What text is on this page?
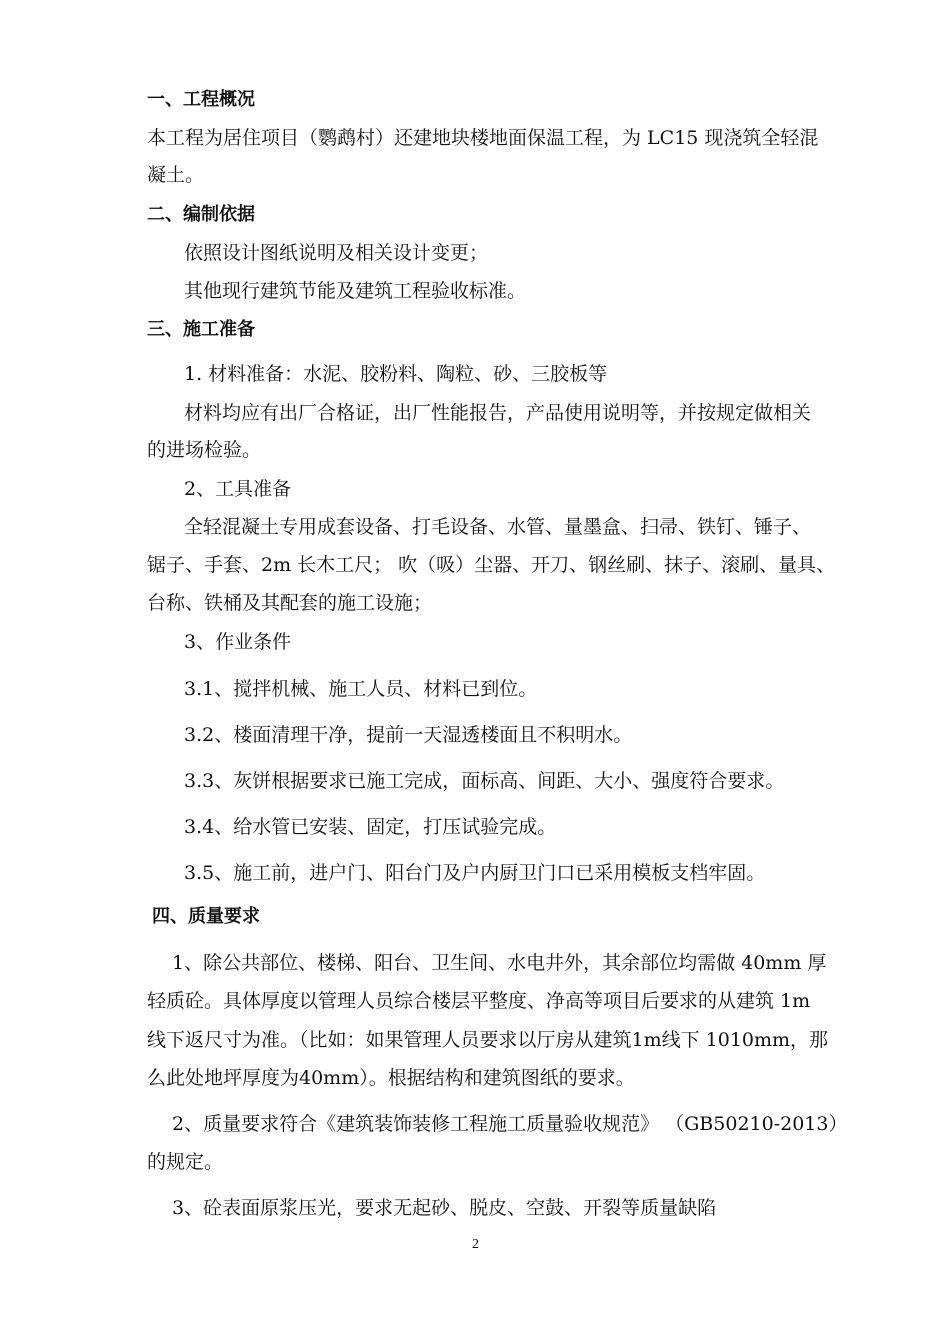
一、工程概况
本工程为居住项目（鹦鹉村）还建地块楼地面保温工程，为 LC15 现浇筑全轻混
凝土。
二、编制依据
依照设计图纸说明及相关设计变更；
其他现行建筑节能及建筑工程验收标准。
三、施工准备
1. 材料准备：水泥、胶粉料、陶粒、砂、三胶板等
材料均应有出厂合格证，出厂性能报告，产品使用说明等，并按规定做相关
的进场检验。
2、工具准备
全轻混凝土专用成套设备、打毛设备、水管、量墨盒、扫帚、铁钉、锤子、
锯子、手套、2m 长木工尺； 吹（吸）尘器、开刀、钢丝刷、抹子、滚刷、量具、
台称、铁桶及其配套的施工设施；
3、作业条件
3.1、搅拌机械、施工人员、材料已到位。
3.2、楼面清理干净，提前一天湿透楼面且不积明水。
3.3、灰饼根据要求已施工完成，面标高、间距、大小、强度符合要求。
3.4、给水管已安装、固定，打压试验完成。
3.5、施工前，进户门、阳台门及户内厨卫门口已采用模板支档牢固。
四、质量要求
1、除公共部位、楼梯、阳台、卫生间、水电井外，其余部位均需做 40mm 厚
轻质砼。具体厚度以管理人员综合楼层平整度、净高等项目后要求的从建筑 1m
线下返尺寸为准。（比如：如果管理人员要求以厅房从建筑1m线下 1010mm，那
么此处地坪厚度为40mm）。根据结构和建筑图纸的要求。
2、质量要求符合《建筑装饰装修工程施工质量验收规范》 （GB50210-2013）
的规定。
3、砼表面原浆压光，要求无起砂、脱皮、空鼓、开裂等质量缺陷
2
